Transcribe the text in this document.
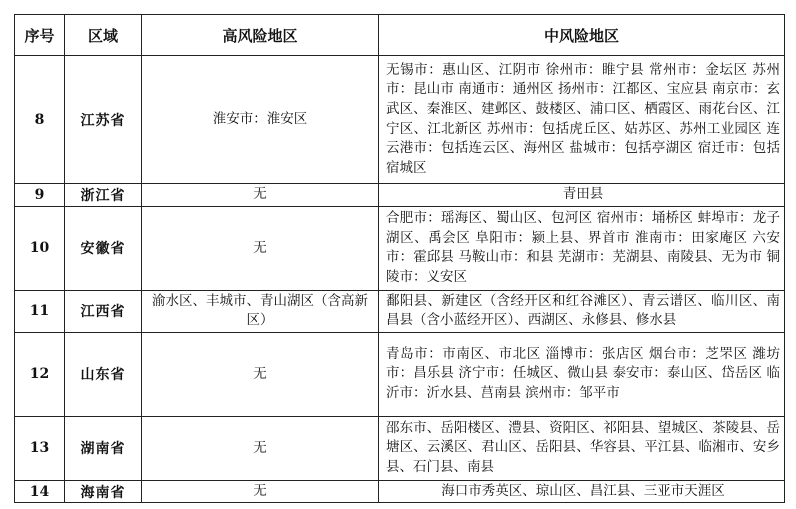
序号	区域	高风险地区	中风险地区
8	江苏省	淮安市：淮安区	无锡市：惠山区、江阴市 徐州市：睢宁县 常州市：金坛区 苏州市：昆山市 南通市：通州区 扬州市：江都区、宝应县 南京市：玄武区、秦淮区、建邺区、鼓楼区、浦口区、栖霞区、雨花台区、江宁区、江北新区 苏州市：包括虎丘区、姑苏区、苏州工业园区 连云港市：包括连云区、海州区 盐城市：包括亭湖区 宿迁市：包括宿城区
9	浙江省	无	青田县
10	安徽省	无	合肥市：瑶海区、蜀山区、包河区 宿州市：埇桥区 蚌埠市：龙子湖区、禹会区 阜阳市：颍上县、界首市 淮南市：田家庵区 六安市：霍邱县 马鞍山市：和县 芜湖市：芜湖县、南陵县、无为市 铜陵市：义安区
11	江西省	渝水区、丰城市、青山湖区（含高新区）	鄱阳县、新建区（含经开区和红谷滩区）、青云谱区、临川区、南昌县（含小蓝经开区）、西湖区、永修县、修水县
12	山东省	无	青岛市：市南区、市北区 淄博市：张店区 烟台市：芝罘区 潍坊市：昌乐县 济宁市：任城区、微山县 泰安市：泰山区、岱岳区 临沂市：沂水县、莒南县 滨州市：邹平市
13	湖南省	无	邵东市、岳阳楼区、澧县、资阳区、祁阳县、望城区、茶陵县、岳塘区、云溪区、君山区、岳阳县、华容县、平江县、临湘市、安乡县、石门县、南县
14	海南省	无	海口市秀英区、琼山区、昌江县、三亚市天涯区
